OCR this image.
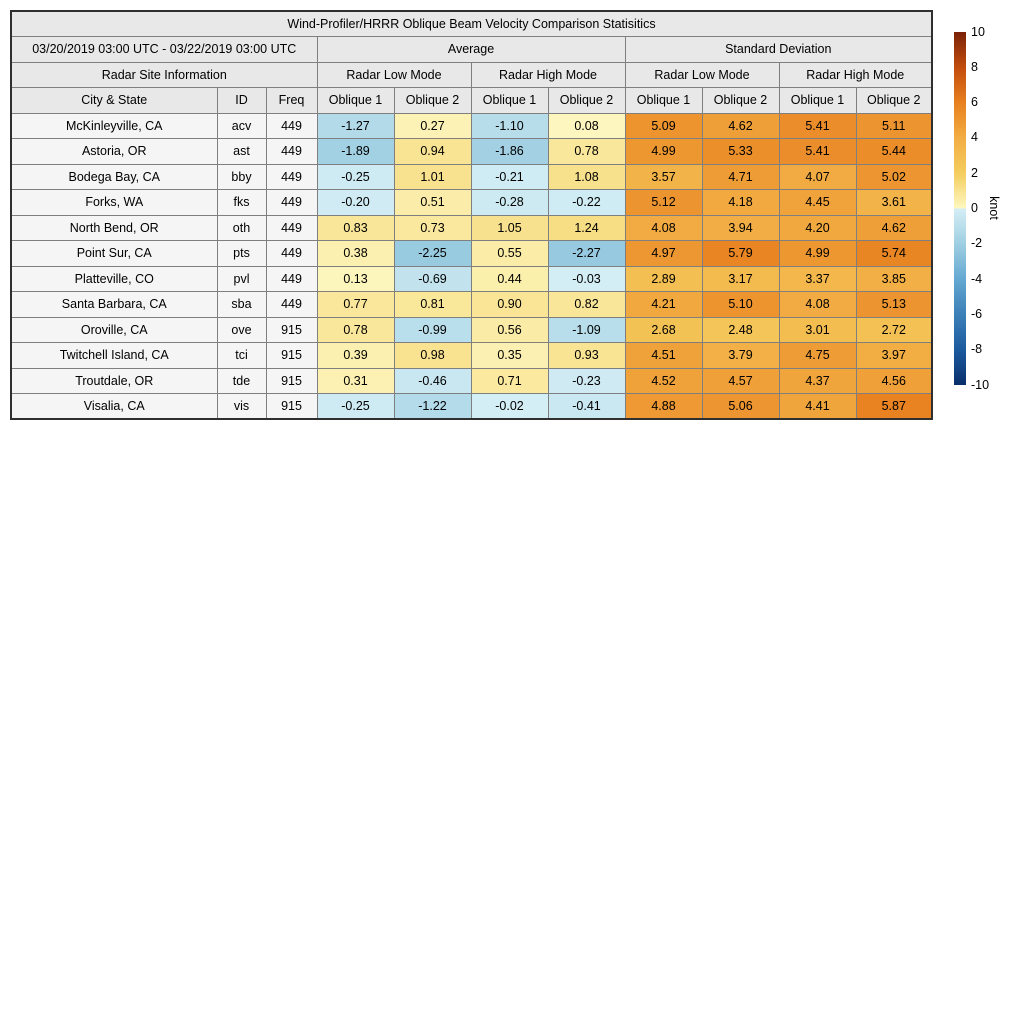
Wind-Profiler/HRRR Oblique Beam Velocity Comparison Statisitics										
03/20/2019 03:00 UTC - 03/22/2019 03:00 UTC			Average				Standard Deviation			
Radar Site Information			Radar Low Mode		Radar High Mode		Radar Low Mode		Radar High Mode	
City & State	ID	Freq	Oblique 1	Oblique 2	Oblique 1	Oblique 2	Oblique 1	Oblique 2	Oblique 1	Oblique 2
McKinleyville, CA	acv	449	-1.27	0.27	-1.10	0.08	5.09	4.62	5.41	5.11
Astoria, OR	ast	449	-1.89	0.94	-1.86	0.78	4.99	5.33	5.41	5.44
Bodega Bay, CA	bby	449	-0.25	1.01	-0.21	1.08	3.57	4.71	4.07	5.02
Forks, WA	fks	449	-0.20	0.51	-0.28	-0.22	5.12	4.18	4.45	3.61
North Bend, OR	oth	449	0.83	0.73	1.05	1.24	4.08	3.94	4.20	4.62
Point Sur, CA	pts	449	0.38	-2.25	0.55	-2.27	4.97	5.79	4.99	5.74
Platteville, CO	pvl	449	0.13	-0.69	0.44	-0.03	2.89	3.17	3.37	3.85
Santa Barbara, CA	sba	449	0.77	0.81	0.90	0.82	4.21	5.10	4.08	5.13
Oroville, CA	ove	915	0.78	-0.99	0.56	-1.09	2.68	2.48	3.01	2.72
Twitchell Island, CA	tci	915	0.39	0.98	0.35	0.93	4.51	3.79	4.75	3.97
Troutdale, OR	tde	915	0.31	-0.46	0.71	-0.23	4.52	4.57	4.37	4.56
Visalia, CA	vis	915	-0.25	-1.22	-0.02	-0.41	4.88	5.06	4.41	5.87
10
8
6
4
2
0
-2
-4
-6
-8
-10
knot
